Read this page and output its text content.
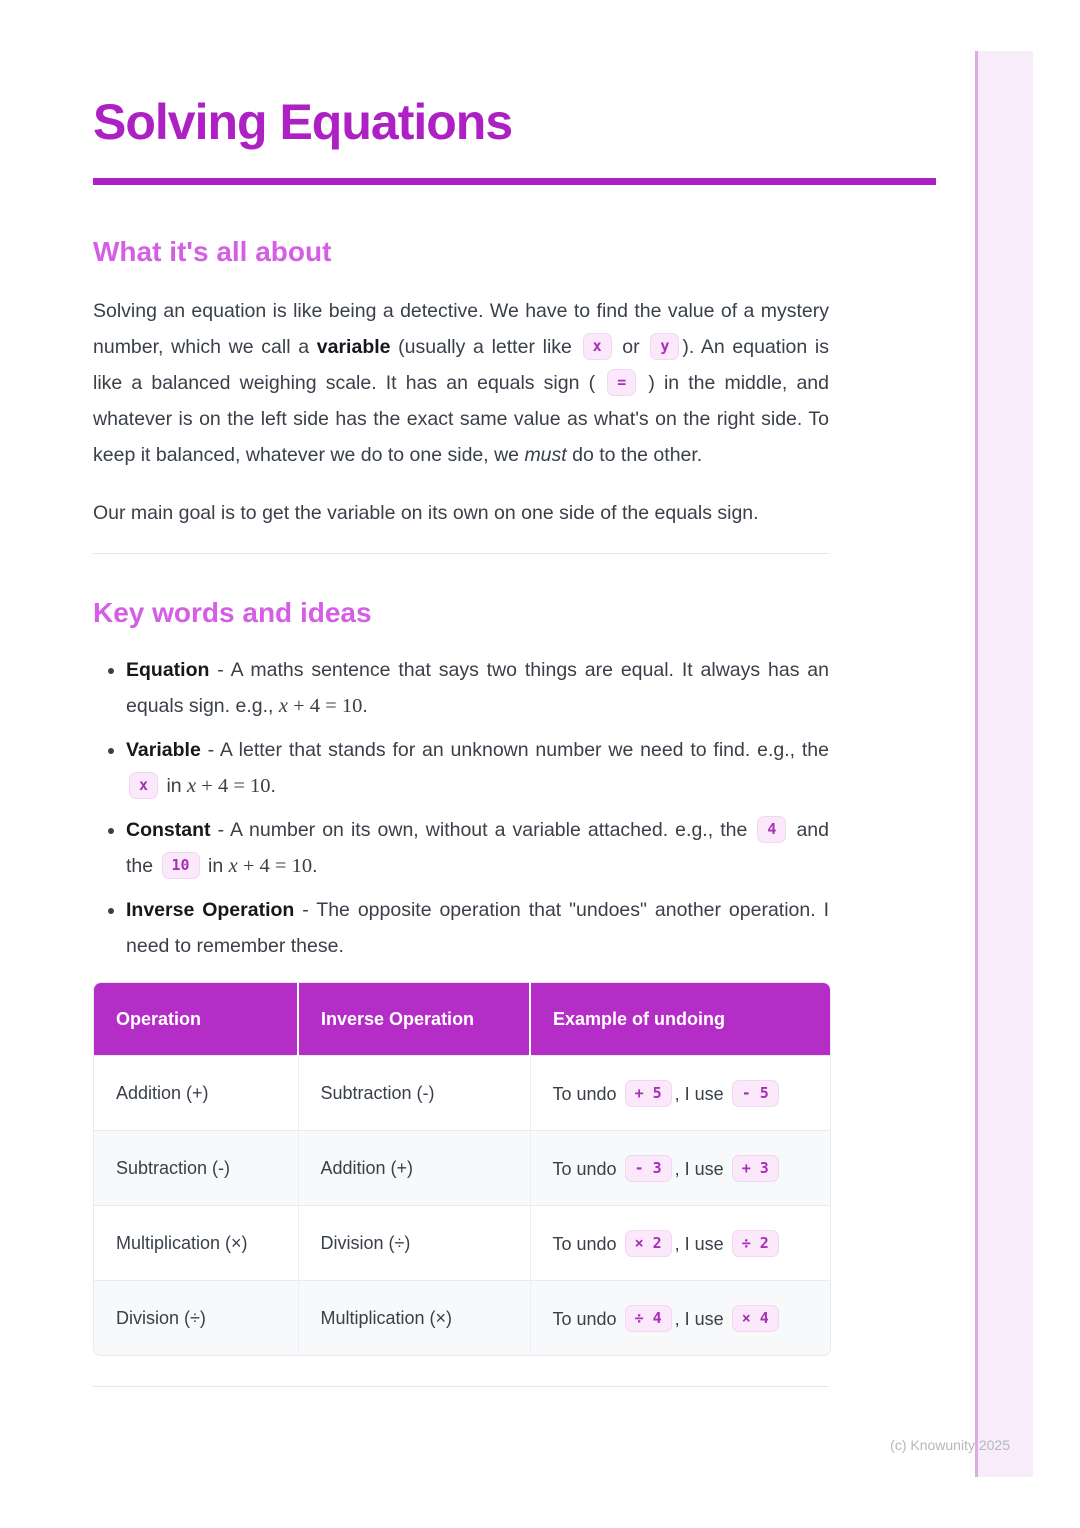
Solving Equations
What it's all about

Solving an equation is like being a detective. We have to find the value of a mystery number, which we call a variable (usually a letter like x or y ). An equation is like a balanced weighing scale. It has an equals sign ( = ) in the middle, and whatever is on the left side has the exact same value as what's on the right side. To keep it balanced, whatever we do to one side, we must do to the other.

Our main goal is to get the variable on its own on one side of the equals sign.

Key words and ideas
• Equation - A maths sentence that says two things are equal. It always has an equals sign. e.g., x + 4 = 10.
• Variable - A letter that stands for an unknown number we need to find. e.g., the x in x + 4 = 10.
• Constant - A number on its own, without a variable attached. e.g., the 4 and the 10 in x + 4 = 10.
• Inverse Operation - The opposite operation that "undoes" another operation. I need to remember these.
Operation	Inverse Operation	Example of undoing
Addition (+)	Subtraction (-)	To undo + 5 , I use - 5
Subtraction (-)	Addition (+)	To undo - 3 , I use + 3
Multiplication (×)	Division (÷)	To undo × 2 , I use ÷ 2
Division (÷)	Multiplication (×)	To undo ÷ 4 , I use × 4
(c) Knowunity 2025
